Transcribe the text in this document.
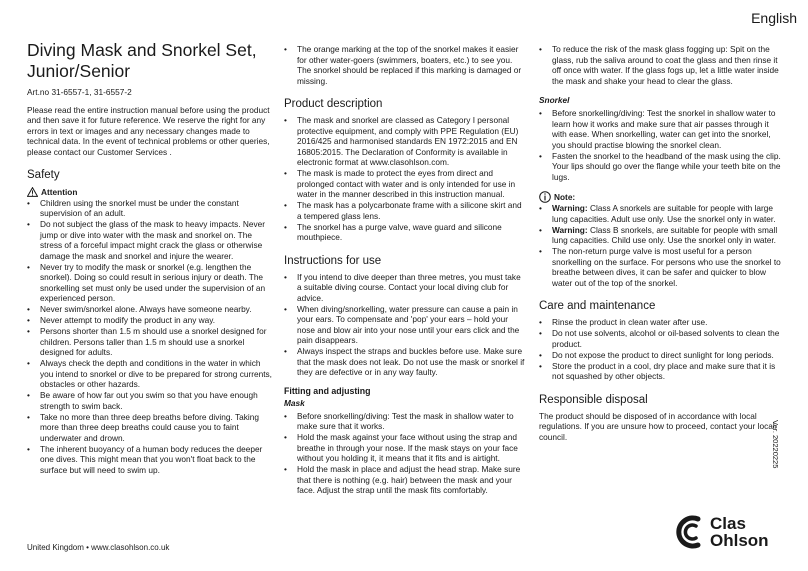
English
Diving Mask and Snorkel Set,
Junior/Senior

Art.no 31-6557-1, 31-6557-2

Please read the entire instruction manual before using the product and then save it for future reference. We reserve the right for any errors in text or images and any necessary changes made to technical data. In the event of technical problems or other queries, please contact our Customer Services .

Safety
Attention
• Children using the snorkel must be under the constant supervision of an adult.
• Do not subject the glass of the mask to heavy impacts. Never jump or dive into water with the mask and snorkel on. The stress of a forceful impact might crack the glass or otherwise damage the mask and snorkel and injure the wearer.
• Never try to modify the mask or snorkel (e.g. lengthen the snorkel). Doing so could result in serious injury or death. The snorkelling set must only be used under the supervision of an experienced person.
• Never swim/snorkel alone. Always have someone nearby.
• Never attempt to modify the product in any way.
• Persons shorter than 1.5 m should use a snorkel designed for children. Persons taller than 1.5 m should use a snorkel designed for adults.
• Always check the depth and conditions in the water in which you intend to snorkel or dive to be prepared for strong currents, obstacles or other hazards.
• Be aware of how far out you swim so that you have enough strength to swim back.
• Take no more than three deep breaths before diving. Taking more than three deep breaths could cause you to faint underwater and drown.
• The inherent buoyancy of a human body reduces the deeper one dives. This might mean that you won't float back to the surface but will need to swim up.
• The orange marking at the top of the snorkel makes it easier for other water-goers (swimmers, boaters, etc.) to see you. The snorkel should be replaced if this marking is damaged or missing.
Product description
• The mask and snorkel are classed as Category I personal protective equipment, and comply with PPE Regulation (EU) 2016/425 and harmonised standards EN 1972:2015 and EN 16805:2015. The Declaration of Conformity is available in electronic format at www.clasohlson.com.
• The mask is made to protect the eyes from direct and prolonged contact with water and is only intended for use in water in the manner described in this instruction manual.
• The mask has a polycarbonate frame with a silicone skirt and a tempered glass lens.
• The snorkel has a purge valve, wave guard and silicone mouthpiece.
Instructions for use
• If you intend to dive deeper than three metres, you must take a suitable diving course. Contact your local diving club for advice.
• When diving/snorkelling, water pressure can cause a pain in your ears. To compensate and 'pop' your ears – hold your nose and blow air into your nose until your ears click and the pain disappears.
• Always inspect the straps and buckles before use. Make sure that the mask does not leak. Do not use the mask or snorkel if they are defective or in any way faulty.
Fitting and adjusting
Mask
• Before snorkelling/diving: Test the mask in shallow water to make sure that it works.
• Hold the mask against your face without using the strap and breathe in through your nose. If the mask stays on your face without you holding it, it means that it fits and is airtight.
• Hold the mask in place and adjust the head strap. Make sure that there is nothing (e.g. hair) between the mask and your face. Adjust the strap until the mask fits comfortably.
• To reduce the risk of the mask glass fogging up: Spit on the glass, rub the saliva around to coat the glass and then rinse it off once with water. If the glass fogs up, let a little water inside the mask and shake your head to clear the glass.
Snorkel
• Before snorkelling/diving: Test the snorkel in shallow water to learn how it works and make sure that air passes through it with ease. When snorkelling, water can get into the snorkel, you should practise blowing the snorkel clean.
• Fasten the snorkel to the headband of the mask using the clip. Your lips should go over the flange while your teeth bite on the lugs.
Note:
• Warning: Class A snorkels are suitable for people with large lung capacities. Adult use only. Use the snorkel only in water.
• Warning: Class B snorkels, are suitable for people with small lung capacities. Child use only. Use the snorkel only in water.
• The non-return purge valve is most useful for a person snorkelling on the surface. For persons who use the snorkel to breathe between dives, it can be safer and quicker to blow water out of the top of the snorkel.
Care and maintenance
• Rinse the product in clean water after use.
• Do not use solvents, alcohol or oil-based solvents to clean the product.
• Do not expose the product to direct sunlight for long periods.
• Store the product in a cool, dry place and make sure that it is not squashed by other objects.
Responsible disposal

The product should be disposed of in accordance with local regulations. If you are unsure how to proceed, contact your local council.	Ver. 20220225
United Kingdom • www.clasohlson.co.uk
Clas
Ohlson
